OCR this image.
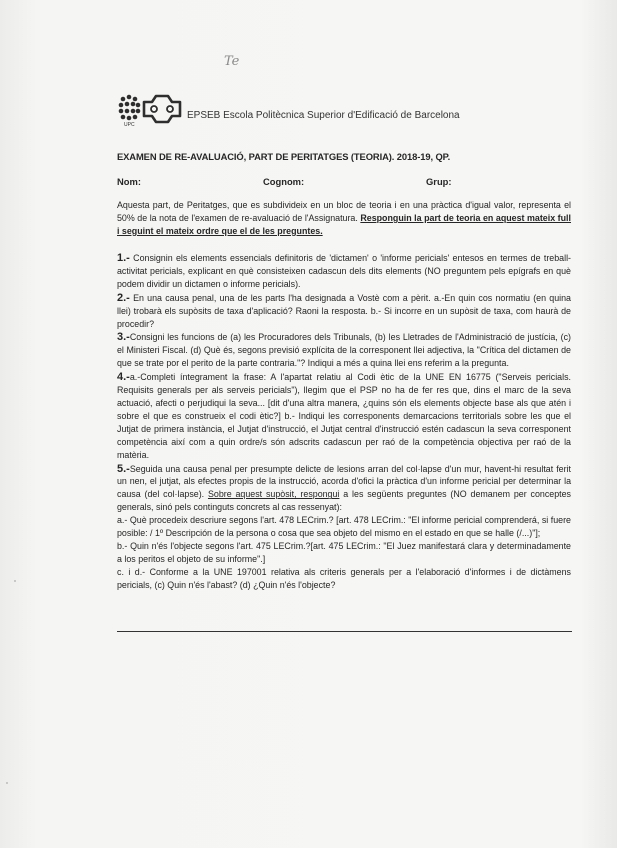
Te
UPC
EPSEB Escola Politècnica Superior d'Edificació de Barcelona
EXAMEN DE RE-AVALUACIÓ, PART DE PERITATGES (TEORIA). 2018-19, QP.
Nom:	Cognom:	Grup:
Aquesta part, de Peritatges, que es subdivideix en un bloc de teoria i en una pràctica d'igual valor, representa el 50% de la nota de l'examen de re-avaluació de l'Assignatura. Responguin la part de teoria en aquest mateix full i seguint el mateix ordre que el de les preguntes.
1.- Consignin els elements essencials definitoris de 'dictamen' o 'informe pericials' entesos en termes de treball-activitat pericials, explicant en què consisteixen cadascun dels dits elements (NO preguntem pels epígrafs en què podem dividir un dictamen o informe pericials).
2.- En una causa penal, una de les parts l'ha designada a Vostè com a pèrit. a.-En quin cos normatiu (en quina llei) trobarà els supòsits de taxa d'aplicació? Raoni la resposta. b.- Si incorre en un supòsit de taxa, com haurà de procedir?
3.-Consigni les funcions de (a) les Procuradores dels Tribunals, (b) les Lletrades de l'Administració de justícia, (c) el Ministeri Fiscal. (d) Què és, segons previsió explícita de la corresponent llei adjectiva, la "Crítica del dictamen de que se trate por el perito de la parte contraria."? Indiqui a més a quina llei ens referim a la pregunta.
4.-a.-Completi íntegrament la frase: A l'apartat relatiu al Codi ètic de la UNE EN 16775 ("Serveis pericials. Requisits generals per als serveis pericials"), llegim que el PSP no ha de fer res que, dins el marc de la seva actuació, afecti o perjudiqui la seva... [dit d'una altra manera, ¿quins són els elements objecte base als que atén i sobre el que es construeix el codi ètic?] b.- Indiqui les corresponents demarcacions territorials sobre les que el Jutjat de primera instància, el Jutjat d'instrucció, el Jutjat central d'instrucció estén cadascun la seva corresponent competència així com a quin ordre/s són adscrits cadascun per raó de la competència objectiva per raó de la matèria.
5.-Seguida una causa penal per presumpte delicte de lesions arran del col·lapse d'un mur, havent-hi resultat ferit un nen, el jutjat, als efectes propis de la instrucció, acorda d'ofici la pràctica d'un informe pericial per determinar la causa (del col·lapse). Sobre aquest supòsit, respongui a les següents preguntes (NO demanem per conceptes generals, sinó pels continguts concrets al cas ressenyat):
a.- Què procedeix descriure segons l'art. 478 LECrim.? [art. 478 LECrim.: "El informe pericial comprenderá, si fuere posible: / 1º Descripción de la persona o cosa que sea objeto del mismo en el estado en que se halle (/...)"];
b.- Quin n'és l'objecte segons l'art. 475 LECrim.?[art. 475 LECrim.: "El Juez manifestará clara y determinadamente a los peritos el objeto de su informe".]
c. i d.- Conforme a la UNE 197001 relativa als criteris generals per a l'elaboració d'informes i de dictàmens pericials, (c) Quin n'és l'abast? (d) ¿Quin n'és l'objecte?
